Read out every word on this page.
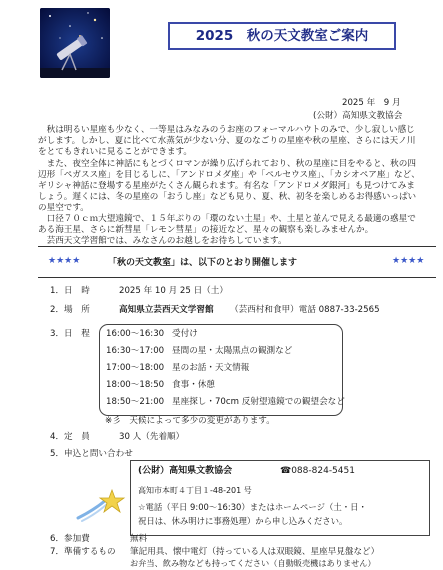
2025　秋の天文教室ご案内
2025 年　9 月
(公財）高知県文教協会
　秋は明るい星座も少なく、一等星はみなみのうお座のフォーマルハウトのみで、少し寂しい感じ
がします。しかし、夏に比べて水蒸気が少ない分、夏のなごりの星座や秋の星座、さらには天ノ川
をとてもきれいに見ることができます。
　また、夜空全体に神話にもとづくロマンが繰り広げられており、秋の星座に目をやると、秋の四
辺形「ペガスス座」を目じるしに、「アンドロメダ座」や「ペルセウス座」、「カシオペア座」など、
ギリシャ神話に登場する星座がたくさん観られます。有名な「アンドロメダ銀河」も見つけてみま
しょう。遅くには、冬の星座の「おうし座」なども見り、夏、秋、初冬を楽しめるお得感いっぱい
の星空です。
　口径７０ｃｍ大望遠鏡で、１５年ぶりの「環のない土星」や、土星と並んで見える最適の惑星で
ある海王星、さらに新彗星「レモン彗星」の接近など、星々の観察も楽しみませんか。
　芸西天文学習館では、みなさんのお越しをお待ちしています。
★★★★	「秋の天文教室」は、以下のとおり開催します	★★★★
1．日　時	2025 年 10 月 25 日（土）
2．場　所	高知県立芸西天文学習館 （芸西村和食甲）電話 0887-33-2565
3．日　程 16:00～16:30 受付け
16:30～17:00 昼間の星・太陽黒点の観測など
17:00～18:00 星のお話・天文情報
18:00～18:50 食事・休憩
18:50～21:00 星座探し・70cm 反射望遠鏡での観望会など
※彡　天候によって多少の変更があります。
4．定　員	30 人（先着順）
5．申込と問い合わせ
(公財）高知県文教協会	☎088-824-5451
高知市本町４丁目１-48-201 号
☆電話（平日 9:00～16:30）またはホームページ（土・日・
祝日は、休み明けに事務処理）から申し込みください。
6．参加費	無料
7．準備するもの 筆記用具、懐中電灯（持っている人は双眼鏡、星座早見盤など）
お弁当、飲み物なども持ってください（自動販売機はありません）
